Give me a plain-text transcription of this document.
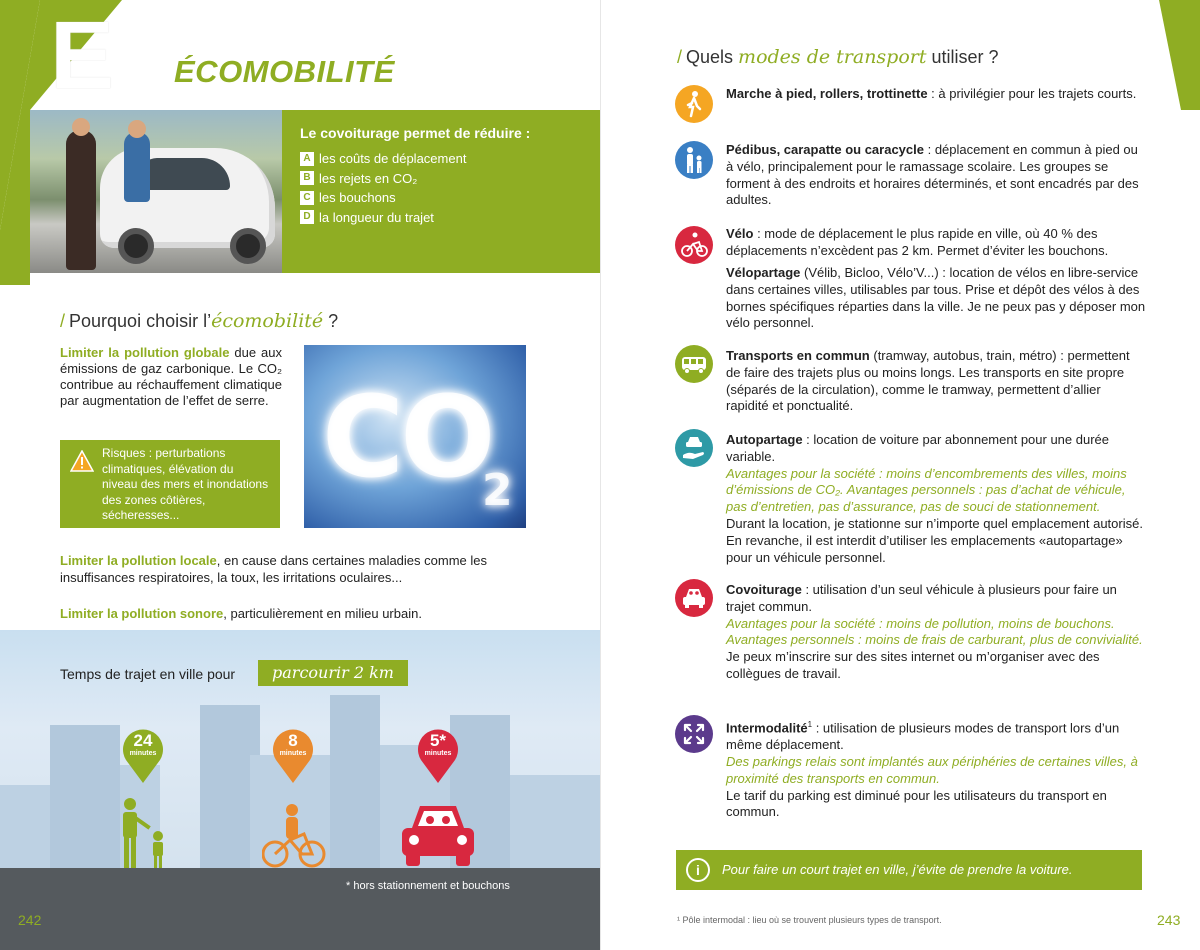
E ÉCOMOBILITÉ
Le covoiturage permet de réduire :
A les coûts de déplacement
B les rejets en CO₂
C les bouchons
D la longueur du trajet
/ Pourquoi choisir l’écomobilité ?
Limiter la pollution globale due aux émissions de gaz carbonique. Le CO₂ contribue au réchauffement climatique par augmentation de l’effet de serre.
Risques : perturbations climatiques, élévation du niveau des mers et inondations des zones côtières, sécheresses...
CO
2
Limiter la pollution locale, en cause dans certaines maladies comme les insuffisances respiratoires, la toux, les irritations oculaires...
Limiter la pollution sonore, particulièrement en milieu urbain.
Temps de trajet en ville pour	parcourir 2 km
24
minutes
8
minutes
5*
minutes
* hors stationnement et bouchons
242
/ Quels modes de transport utiliser ?
Marche à pied, rollers, trottinette : à privilégier pour les trajets courts.
Pédibus, carapatte ou caracycle : déplacement en commun à pied ou à vélo, principalement pour le ramassage scolaire. Les groupes se forment à des endroits et horaires déterminés, et sont encadrés par des adultes.
Vélo : mode de déplacement le plus rapide en ville, où 40 % des déplacements n’excèdent pas 2 km. Permet d’éviter les bouchons.
Vélopartage (Vélib, Bicloo, Vélo’V...) : location de vélos en libre-service dans certaines villes, utilisables par tous. Prise et dépôt des vélos à des bornes spécifiques réparties dans la ville. Je ne peux pas y déposer mon vélo personnel.
Transports en commun (tramway, autobus, train, métro) : permettent de faire des trajets plus ou moins longs. Les transports en site propre (séparés de la circulation), comme le tramway, permettent d’allier rapidité et ponctualité.
Autopartage : location de voiture par abonnement pour une durée variable.
Avantages pour la société : moins d’encombrements des villes, moins d’émissions de CO₂. Avantages personnels : pas d’achat de véhicule, pas d’entretien, pas d’assurance, pas de souci de stationnement.
Durant la location, je stationne sur n’importe quel emplacement autorisé. En revanche, il est interdit d’utiliser les emplacements «autopartage» pour un véhicule personnel.
Covoiturage : utilisation d’un seul véhicule à plusieurs pour faire un trajet commun.
Avantages pour la société : moins de pollution, moins de bouchons. Avantages personnels : moins de frais de carburant, plus de convivialité.
Je peux m’inscrire sur des sites internet ou m’organiser avec des collègues de travail.
Intermodalité$^1$ : utilisation de plusieurs modes de transport lors d’un même déplacement.
Des parkings relais sont implantés aux périphéries de certaines villes, à proximité des transports en commun.
Le tarif du parking est diminué pour les utilisateurs du transport en commun.
i	Pour faire un court trajet en ville, j’évite de prendre la voiture.
¹ Pôle intermodal : lieu où se trouvent plusieurs types de transport.	243
